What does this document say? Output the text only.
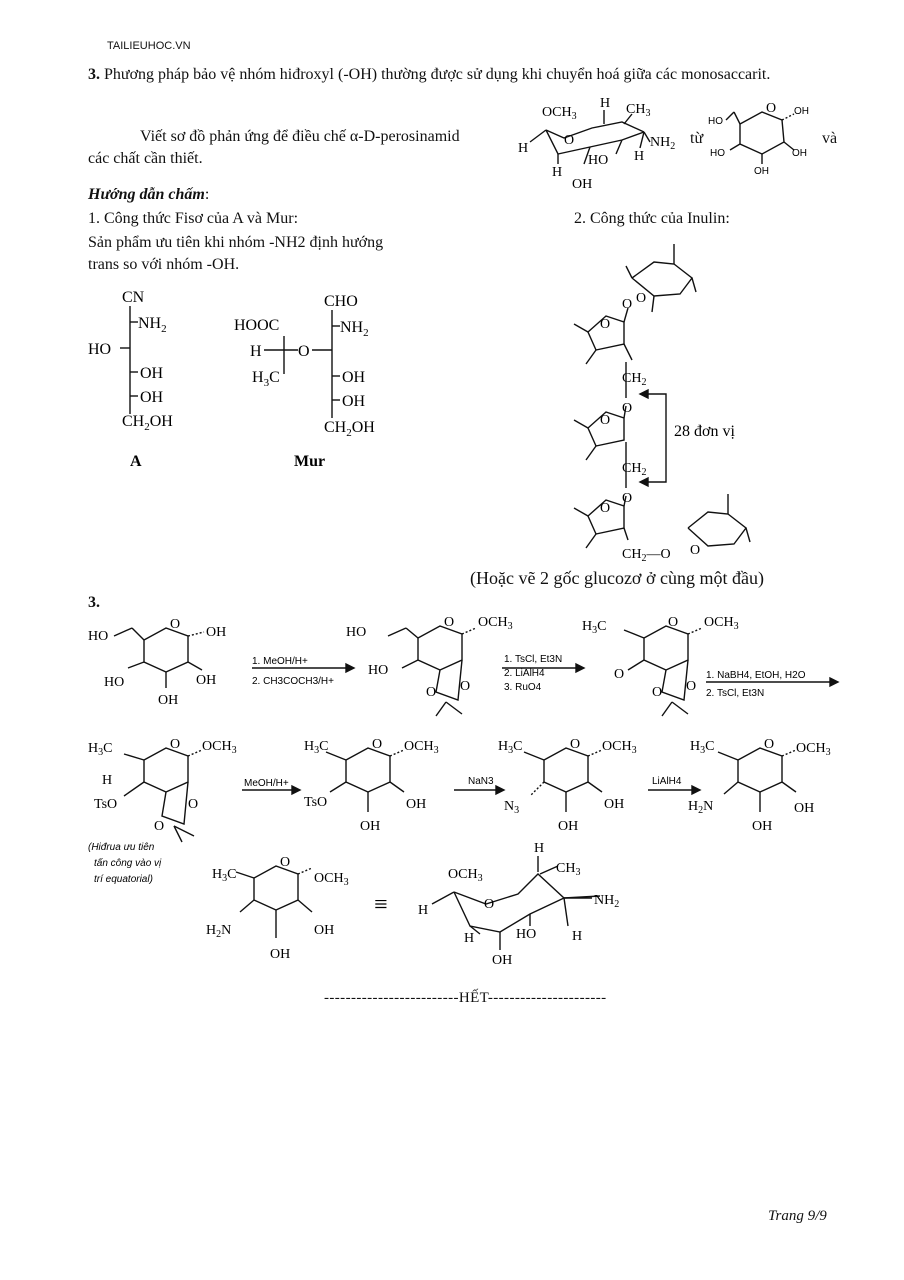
TAILIEUHOC.VN
3. Phương pháp bảo vệ nhóm hiđroxyl (-OH) thường được sử dụng khi chuyển hoá giữa các monosaccarit.
Viết sơ đồ phản ứng để điều chế α-D-perosinamid
các chất cần thiết.
từ	và
$OCH_3$
H $CH_3$
O	$NH_2$
H
H
OH
HO H
O
HO
OH
OH
HO
OH
Hướng dẫn chấm:
1. Công thức Fisơ của A và Mur:
Sản phẩm ưu tiên khi nhóm -NH2 định hướng
trans so với nhóm -OH.
2. Công thức của Inulin:
CN
$NH_2$
HO
OH
OH
$CH_2OH$
A
CHO
$NH_2$
HOOC
H O
$H_3C$	OH
OH
$CH_2OH$
Mur
O
O
O
$CH_2$
O
O
$CH_2$
O
O
$CH_2—O$ O
28 đơn vị
(Hoặc vẽ 2 gốc glucozơ ở cùng một đầu)
3.
O
HO	OH
OH
HO
OH
1. MeOH/H+
2. CH3COCH3/H+
O
HO
$OCH_3$
HO
O O
1. TsCl, Et3N
2. LiAlH4
3. RuO4
O
$H_3C$	$OCH_3$
O
O O
1. NaBH4, EtOH, H2O
2. TsCl, Et3N
O
$H_3C$	$OCH_3$
H
TsO
O
O
MeOH/H+
O
$H_3C$	$OCH_3$
TsO	OH
OH
NaN3
O
$H_3C$	$OCH_3$
$N_3$	OH
OH
LiAlH4
O
$H_3C$	$OCH_3$
$H_2N$	OH
OH
(Hiđrua ưu tiên
tấn công vào vị
trí equatorial)
O
$H_3C$	$OCH_3$
$H_2N$	OH
OH
≡
$OCH_3$
H
O
$CH_3$
$NH_2$
H
H
OH
HO	H
-------------------------HẾT----------------------
Trang 9/9
